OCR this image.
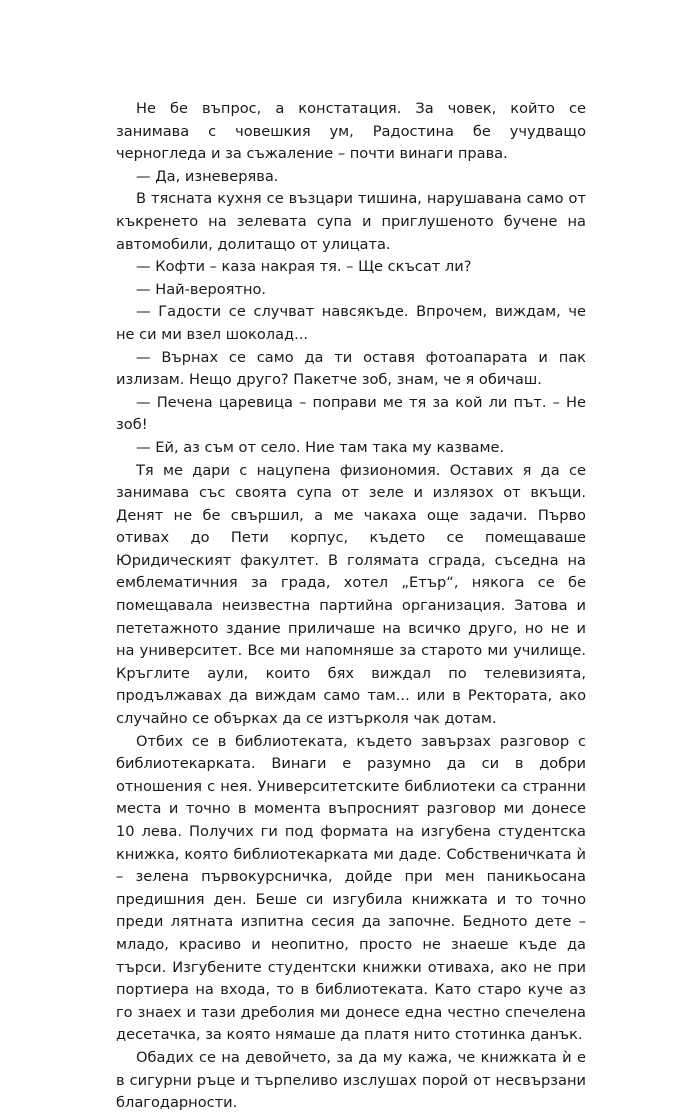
Не бе въпрос, а констатация. За човек, който се занимава с човешкия ум, Радостина бе учудващо черногледа и за съжаление – почти винаги права.

— Да, изневерява.

В тясната кухня се възцари тишина, нарушавана само от къкренето на зелевата супа и приглушеното бучене на автомобили, долитащо от улицата.

— Кофти – каза накрая тя. – Ще скъсат ли?

— Най-вероятно.

— Гадости се случват навсякъде. Впрочем, виждам, че не си ми взел шоколад...

— Върнах се само да ти оставя фотоапарата и пак излизам. Нещо друго? Пакетче зоб, знам, че я обичаш.

— Печена царевица – поправи ме тя за кой ли път. – Не зоб!

— Ей, аз съм от село. Ние там така му казваме.

Тя ме дари с нацупена физиономия. Оставих я да се занимава със своята супа от зеле и излязох от вкъщи. Денят не бе свършил, а ме чакаха още задачи. Първо отивах до Пети корпус, където се помещаваше Юридическият факултет. В голямата сграда, съседна на емблематичния за града, хотел „Етър“, някога се бе помещавала неизвестна партийна организация. Затова и пететажното здание приличаше на всичко друго, но не и на университет. Все ми напомняше за старото ми училище. Кръглите аули, които бях виждал по телевизията, продължавах да виждам само там... или в Ректората, ако случайно се обърках да се изтърколя чак дотам.

Отбих се в библиотеката, където завързах разговор с библиотекарката. Винаги е разумно да си в добри отношения с нея. Университетските библиотеки са странни места и точно в момента въпросният разговор ми донесе 10 лева. Получих ги под формата на изгубена студентска книжка, която библиотекарката ми даде. Собственичката ѝ – зелена първокурсничка, дойде при мен паникьосана предишния ден. Беше си изгубила книжката и то точно преди лятната изпитна сесия да започне. Бедното дете – младо, красиво и неопитно, просто не знаеше къде да търси. Изгубените студентски книжки отиваха, ако не при портиера на входа, то в библиотеката. Като старо куче аз го знаех и тази дреболия ми донесе една честно спечелена десетачка, за която нямаше да платя нито стотинка данък.

Обадих се на девойчето, за да му кажа, че книжката ѝ е в сигурни ръце и търпеливо изслушах порой от несвързани благодарности.
